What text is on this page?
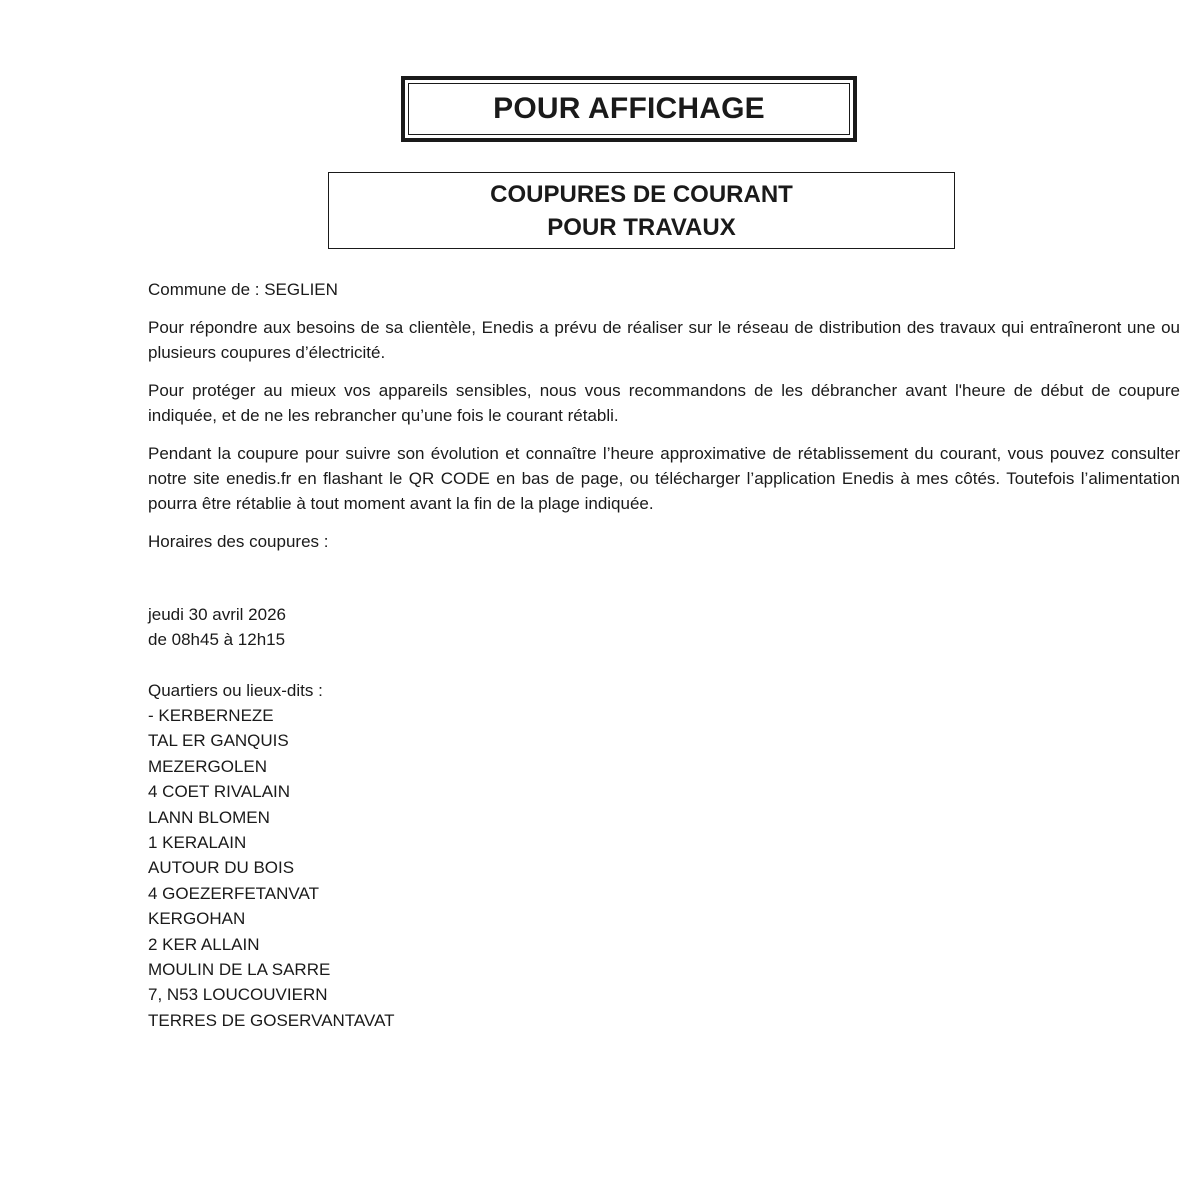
POUR AFFICHAGE
COUPURES DE COURANT
POUR TRAVAUX

Commune de : SEGLIEN

Pour répondre aux besoins de sa clientèle, Enedis a prévu de réaliser sur le réseau de distribution des travaux qui entraîneront une ou plusieurs coupures d’électricité.

Pour protéger au mieux vos appareils sensibles, nous vous recommandons de les débrancher avant l'heure de début de coupure indiquée, et de ne les rebrancher qu’une fois le courant rétabli.

Pendant la coupure pour suivre son évolution et connaître l’heure approximative de rétablissement du courant, vous pouvez consulter notre site enedis.fr en flashant le QR CODE en bas de page, ou télécharger l’application Enedis à mes côtés. Toutefois l’alimentation pourra être rétablie à tout moment avant la fin de la plage indiquée.

Horaires des coupures :

jeudi 30 avril 2026

de 08h45 à 12h15

Quartiers ou lieux-dits :

- KERBERNEZE
TAL ER GANQUIS
MEZERGOLEN
4 COET RIVALAIN
LANN BLOMEN
1 KERALAIN
AUTOUR DU BOIS
4 GOEZERFETANVAT
KERGOHAN
2 KER ALLAIN
MOULIN DE LA SARRE
7, N53 LOUCOUVIERN
TERRES DE GOSERVANTAVAT
